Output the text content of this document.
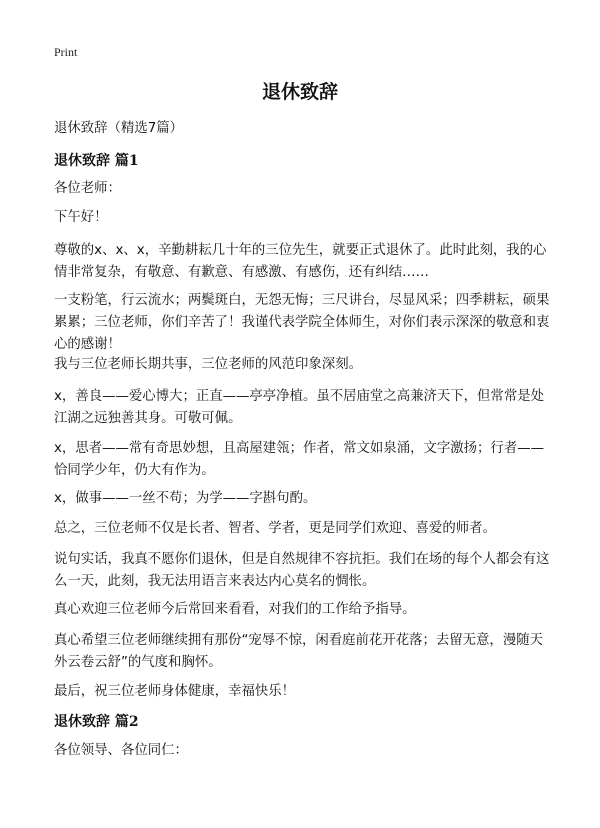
Print
退休致辞

退休致辞（精选7篇）

退休致辞 篇1

各位老师：

下午好！

尊敬的x、x、x，辛勤耕耘几十年的三位先生，就要正式退休了。此时此刻，我的心情非常复杂，有敬意、有歉意、有感激、有感伤，还有纠结……

一支粉笔，行云流水；两鬓斑白，无怨无悔；三尺讲台，尽显风采；四季耕耘，硕果累累；三位老师，你们辛苦了！我谨代表学院全体师生，对你们表示深深的敬意和衷心的感谢！

我与三位老师长期共事，三位老师的风范印象深刻。

x，善良——爱心博大；正直——亭亭净植。虽不居庙堂之高兼济天下，但常常是处江湖之远独善其身。可敬可佩。

x，思者——常有奇思妙想，且高屋建瓴；作者，常文如泉涌，文字激扬；行者——恰同学少年，仍大有作为。

x，做事——一丝不苟；为学——字斟句酌。

总之，三位老师不仅是长者、智者、学者，更是同学们欢迎、喜爱的师者。

说句实话，我真不愿你们退休，但是自然规律不容抗拒。我们在场的每个人都会有这么一天，此刻，我无法用语言来表达内心莫名的惆怅。

真心欢迎三位老师今后常回来看看，对我们的工作给予指导。

真心希望三位老师继续拥有那份“宠辱不惊，闲看庭前花开花落；去留无意，漫随天外云卷云舒”的气度和胸怀。

最后，祝三位老师身体健康，幸福快乐！

退休致辞 篇2

各位领导、各位同仁：
